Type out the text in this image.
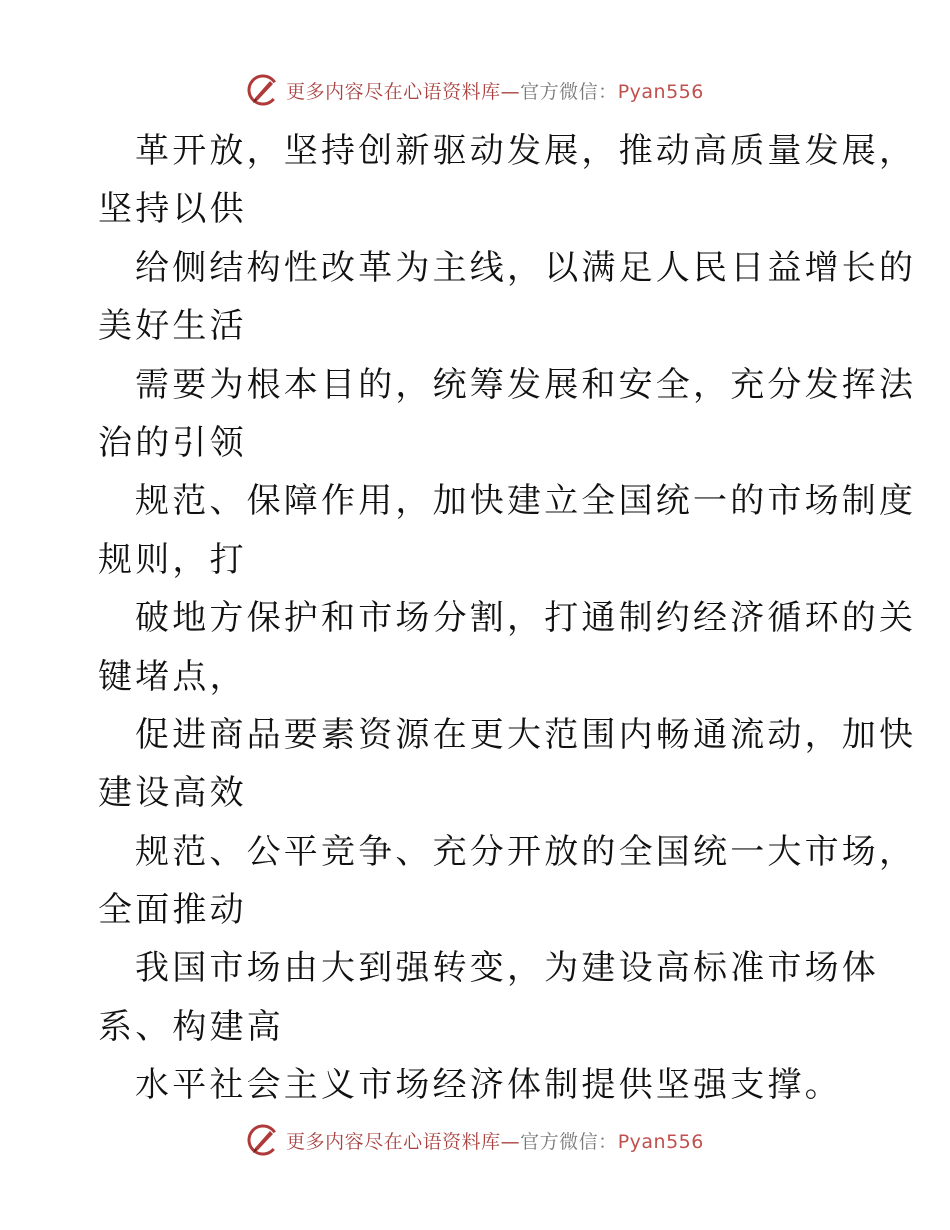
更多内容尽在心语资料库—官方微信：Pyan556
革开放，坚持创新驱动发展，推动高质量发展，
坚持以供
给侧结构性改革为主线，以满足人民日益增长的
美好生活
需要为根本目的，统筹发展和安全，充分发挥法
治的引领
规范、保障作用，加快建立全国统一的市场制度
规则，打
破地方保护和市场分割，打通制约经济循环的关
键堵点，
促进商品要素资源在更大范围内畅通流动，加快
建设高效
规范、公平竞争、充分开放的全国统一大市场，
全面推动
我国市场由大到强转变，为建设高标准市场体
系、构建高
水平社会主义市场经济体制提供坚强支撑。
更多内容尽在心语资料库—官方微信：Pyan556
